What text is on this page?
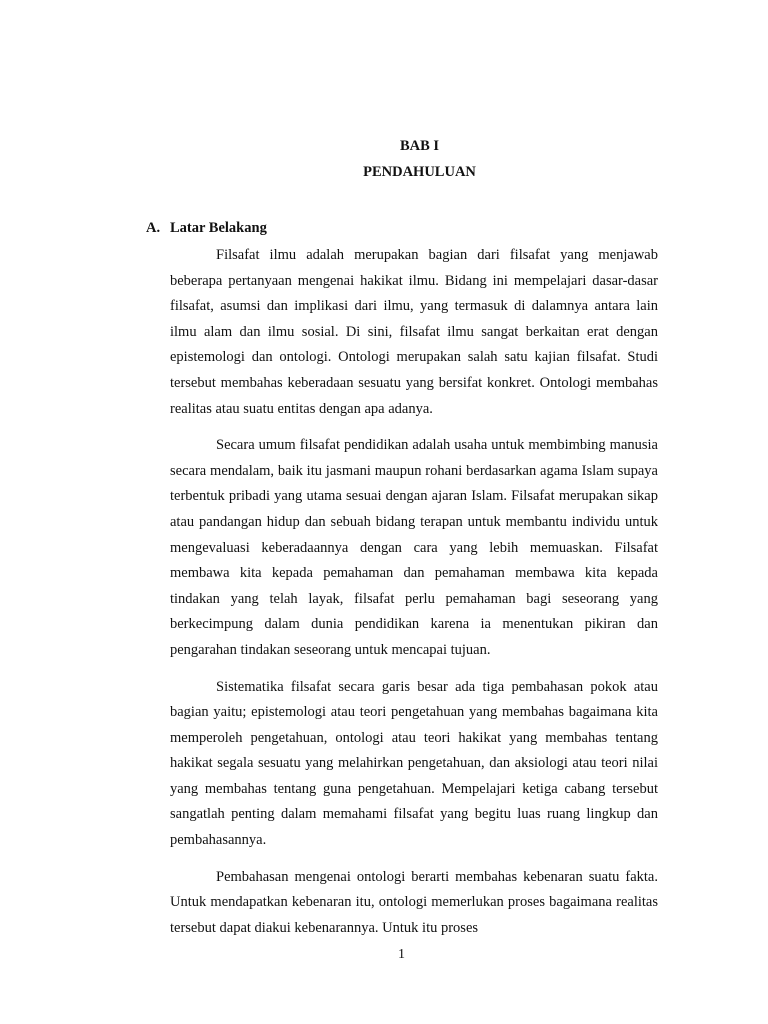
BAB I
PENDAHULUAN
A. Latar Belakang

Filsafat ilmu adalah merupakan bagian dari filsafat yang menjawab beberapa pertanyaan mengenai hakikat ilmu. Bidang ini mempelajari dasar-dasar filsafat, asumsi dan implikasi dari ilmu, yang termasuk di dalamnya antara lain ilmu alam dan ilmu sosial. Di sini, filsafat ilmu sangat berkaitan erat dengan epistemologi dan ontologi. Ontologi merupakan salah satu kajian filsafat. Studi tersebut membahas keberadaan sesuatu yang bersifat konkret. Ontologi membahas realitas atau suatu entitas dengan apa adanya.

Secara umum filsafat pendidikan adalah usaha untuk membimbing manusia secara mendalam, baik itu jasmani maupun rohani berdasarkan agama Islam supaya terbentuk pribadi yang utama sesuai dengan ajaran Islam. Filsafat merupakan sikap atau pandangan hidup dan sebuah bidang terapan untuk membantu individu untuk mengevaluasi keberadaannya dengan cara yang lebih memuaskan. Filsafat membawa kita kepada pemahaman dan pemahaman membawa kita kepada tindakan yang telah layak, filsafat perlu pemahaman bagi seseorang yang berkecimpung dalam dunia pendidikan karena ia menentukan pikiran dan pengarahan tindakan seseorang untuk mencapai tujuan.

Sistematika filsafat secara garis besar ada tiga pembahasan pokok atau bagian yaitu; epistemologi atau teori pengetahuan yang membahas bagaimana kita memperoleh pengetahuan, ontologi atau teori hakikat yang membahas tentang hakikat segala sesuatu yang melahirkan pengetahuan, dan aksiologi atau teori nilai yang membahas tentang guna pengetahuan. Mempelajari ketiga cabang tersebut sangatlah penting dalam memahami filsafat yang begitu luas ruang lingkup dan pembahasannya.

Pembahasan mengenai ontologi berarti membahas kebenaran suatu fakta. Untuk mendapatkan kebenaran itu, ontologi memerlukan proses bagaimana realitas tersebut dapat diakui kebenarannya. Untuk itu proses

1
